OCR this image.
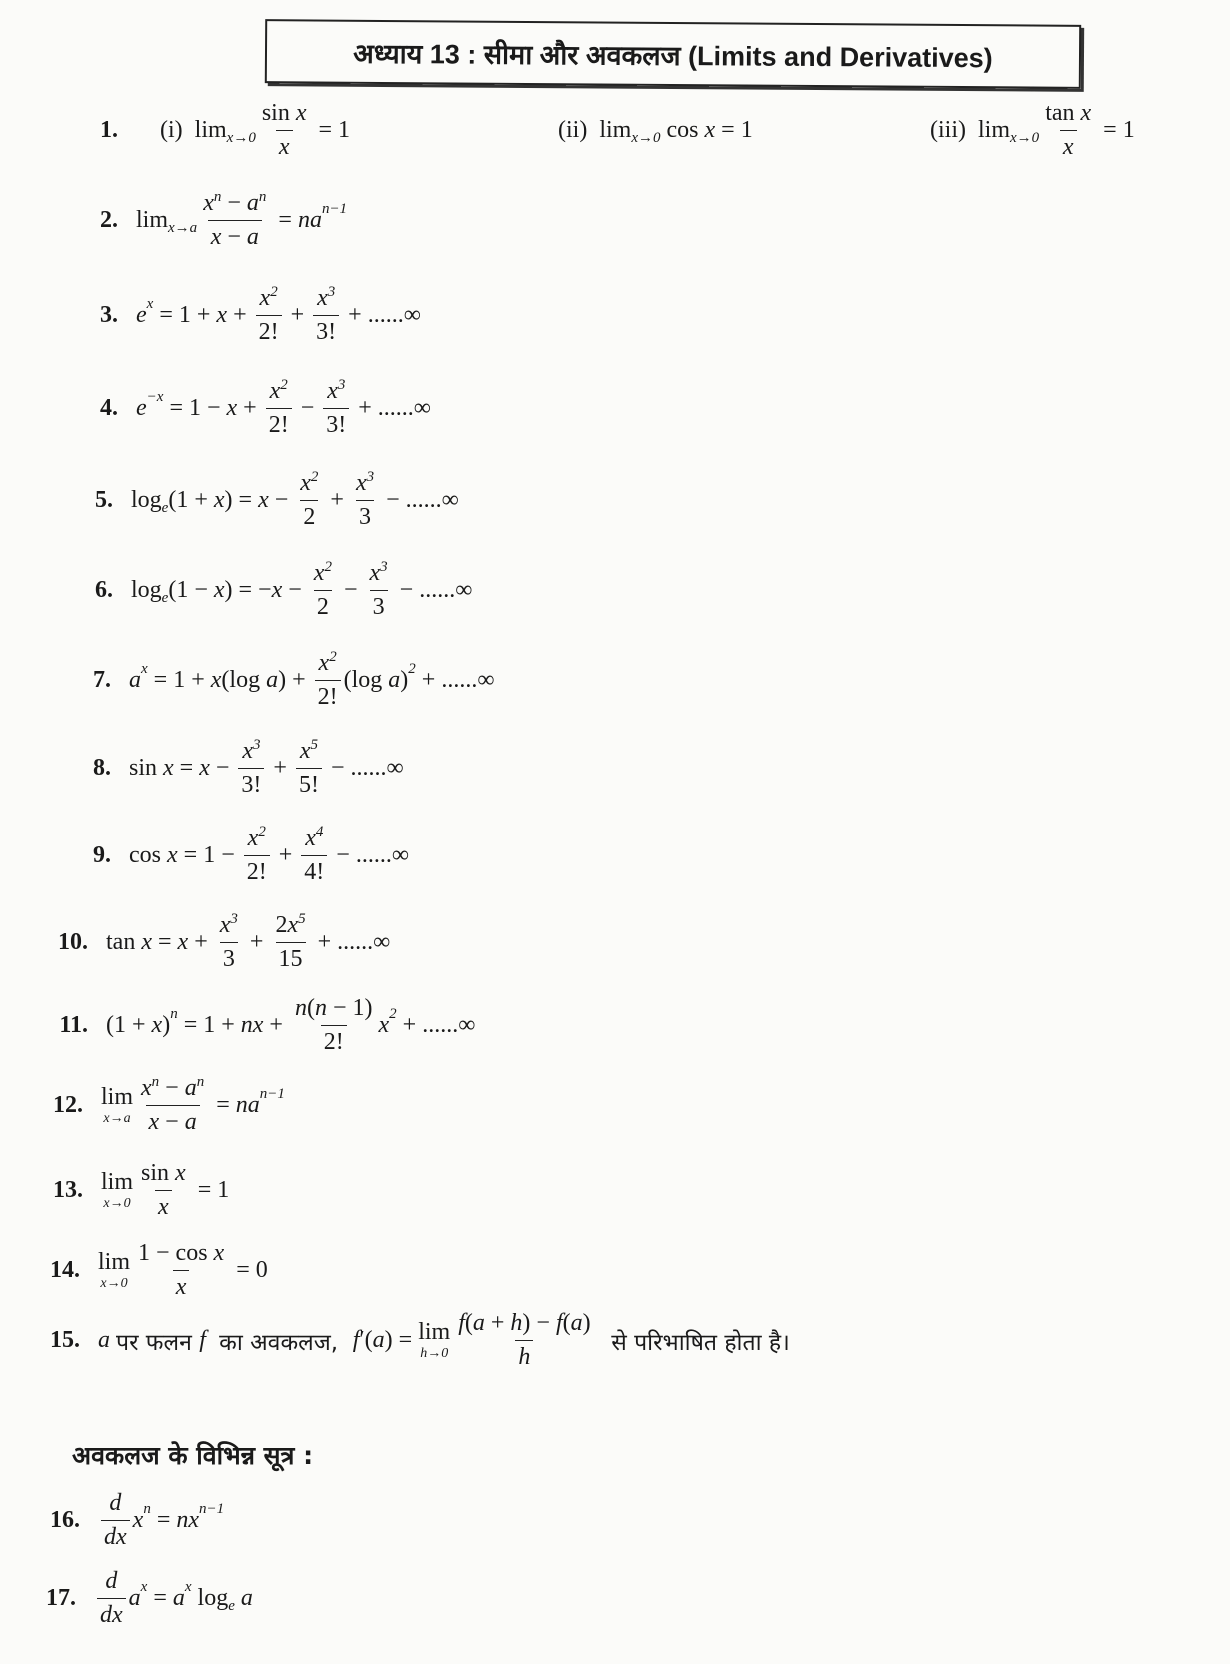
अध्याय 13 : सीमा और अवकलज (Limits and Derivatives)
1. (i) $\lim x\to 0 \frac{\text{sin x}}{x} = 1$	(ii) lim x→0 cos x = 1	(iii) $\lim x\to 0 \frac{\text{tan x}}{x} = 1$
2. $\lim x\to a \frac{\text{x n − a n}}{x - a}$ = na n−1
3. e $x = 1 + x + \frac{x 2}{2!} + \frac{x 3}{3!}$ + ......∞
4. $e -x = 1 - x + \frac{x 2}{2!} - \frac{x 3}{3!}$ + ......∞
5. log e (1 + x ) = $x - \frac{x 2}{2} + \frac{x 3}{3}$ − ......∞
6. log e (1 − x ) = − $x - \frac{x 2}{2} - \frac{x 3}{3}$ − ......∞
7. a x = 1 + x (log a ) + $\frac{x 2}{2!} (\log$ a ) 2 + ......∞
8. $\sin x = x - \frac{x 3}{3!} + \frac{x 5}{5!}$ − ......∞
9. $\cos x = 1 - \frac{x 2}{2!} + \frac{x 4}{4!}$ − ......∞
10. $\tan x = x + \frac{x 3}{3} + \frac{2 x 5}{15}$ + ......∞
11. (1 + x ) n = 1 + nx + $\frac{n ( n - 1)}{2!}$ x 2 + ......∞
12. lim
$x\to a \frac{\text{x n − a n}}{x - a}$ = na n−1
13. lim
$x\to 0 \frac{\text{sin x}}{x} = 1$
14. lim
$x\to 0 \frac{\text{1 − cos x}}{x} = 0$
15. a पर फलन f का अवकलज, f ′( a ) = lim
$h\to 0 \frac{f ( a + h ) - f ( a )}{h}$ से परिभाषित होता है।
16. $\frac{d}{dx}$ x n = nx n−1
17. $\frac{d}{dx}$ a x = a x log e a
अवकलज के विभिन्न सूत्र :
